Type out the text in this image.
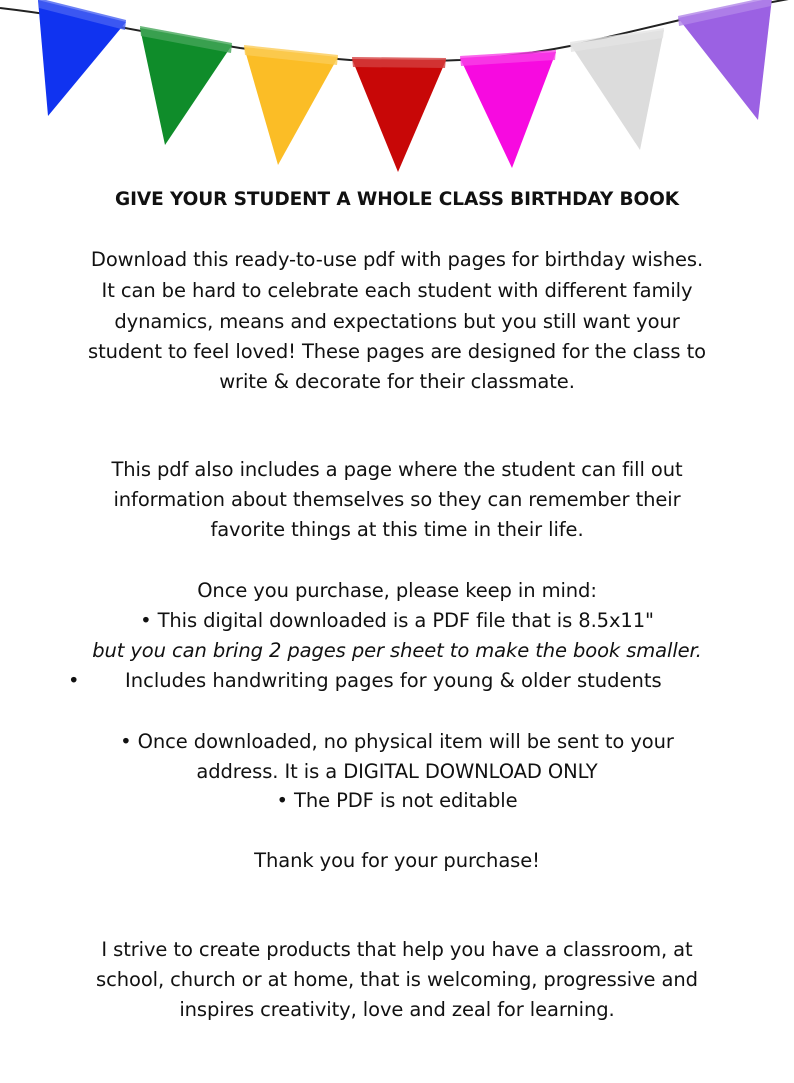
GIVE YOUR STUDENT A WHOLE CLASS BIRTHDAY BOOK
Download this ready-to-use pdf with pages for birthday wishes.
It can be hard to celebrate each student with different family
dynamics, means and expectations but you still want your
student to feel loved! These pages are designed for the class to
write & decorate for their classmate.
This pdf also includes a page where the student can fill out
information about themselves so they can remember their
favorite things at this time in their life.
Once you purchase, please keep in mind:
• This digital downloaded is a PDF file that is 8.5x11"
but you can bring 2 pages per sheet to make the book smaller.
• Includes handwriting pages for young & older students
• Once downloaded, no physical item will be sent to your
address. It is a DIGITAL DOWNLOAD ONLY
• The PDF is not editable
Thank you for your purchase!
I strive to create products that help you have a classroom, at
school, church or at home, that is welcoming, progressive and
inspires creativity, love and zeal for learning.
